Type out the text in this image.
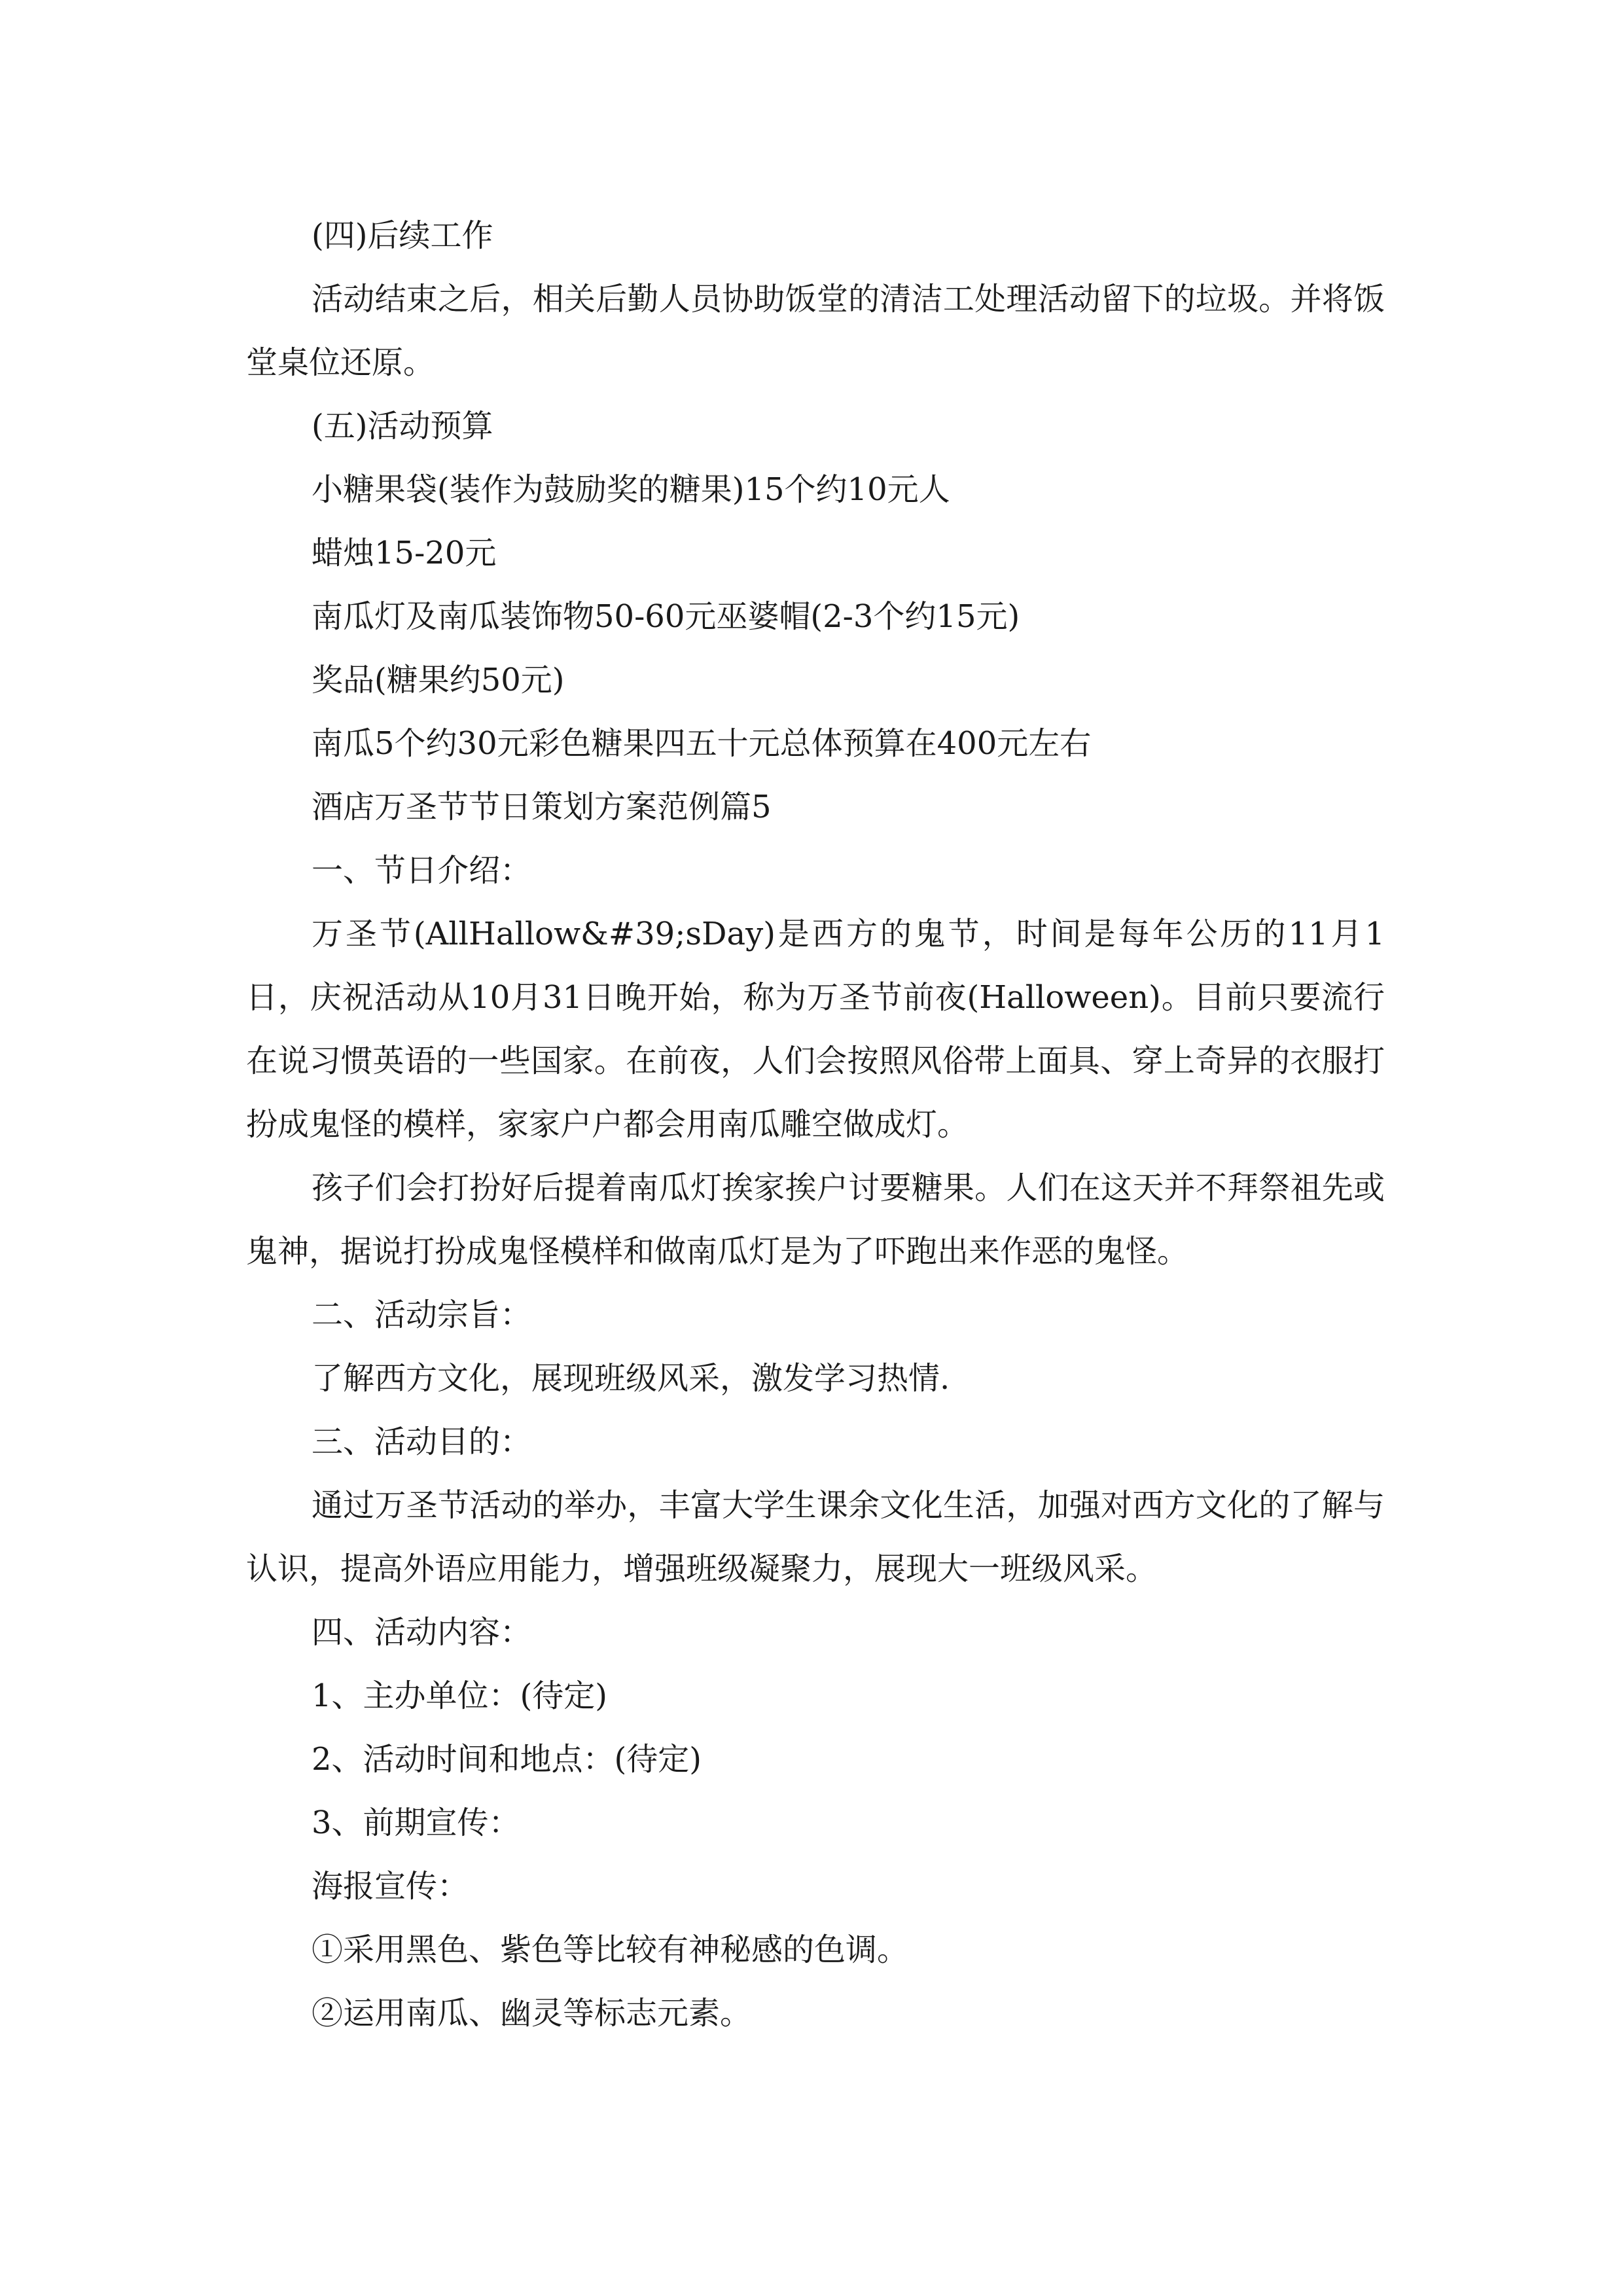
(四)后续工作

活动结束之后，相关后勤人员协助饭堂的清洁工处理活动留下的垃圾。并将饭堂桌位还原。

(五)活动预算

小糖果袋(装作为鼓励奖的糖果)15个约10元人

蜡烛15-20元

南瓜灯及南瓜装饰物50-60元巫婆帽(2-3个约15元)

奖品(糖果约50元)

南瓜5个约30元彩色糖果四五十元总体预算在400元左右

酒店万圣节节日策划方案范例篇5

一、节日介绍：

万圣节(AllHallow&#39;sDay)是西方的鬼节，时间是每年公历的11月1日，庆祝活动从10月31日晚开始，称为万圣节前夜(Halloween)。目前只要流行在说习惯英语的一些国家。在前夜，人们会按照风俗带上面具、穿上奇异的衣服打扮成鬼怪的模样，家家户户都会用南瓜雕空做成灯。

孩子们会打扮好后提着南瓜灯挨家挨户讨要糖果。人们在这天并不拜祭祖先或鬼神，据说打扮成鬼怪模样和做南瓜灯是为了吓跑出来作恶的鬼怪。

二、活动宗旨：

了解西方文化，展现班级风采，激发学习热情.

三、活动目的：

通过万圣节活动的举办，丰富大学生课余文化生活，加强对西方文化的了解与认识，提高外语应用能力，增强班级凝聚力，展现大一班级风采。

四、活动内容：

1、主办单位：(待定)

2、活动时间和地点：(待定)

3、前期宣传：

海报宣传：

①采用黑色、紫色等比较有神秘感的色调。

②运用南瓜、幽灵等标志元素。
